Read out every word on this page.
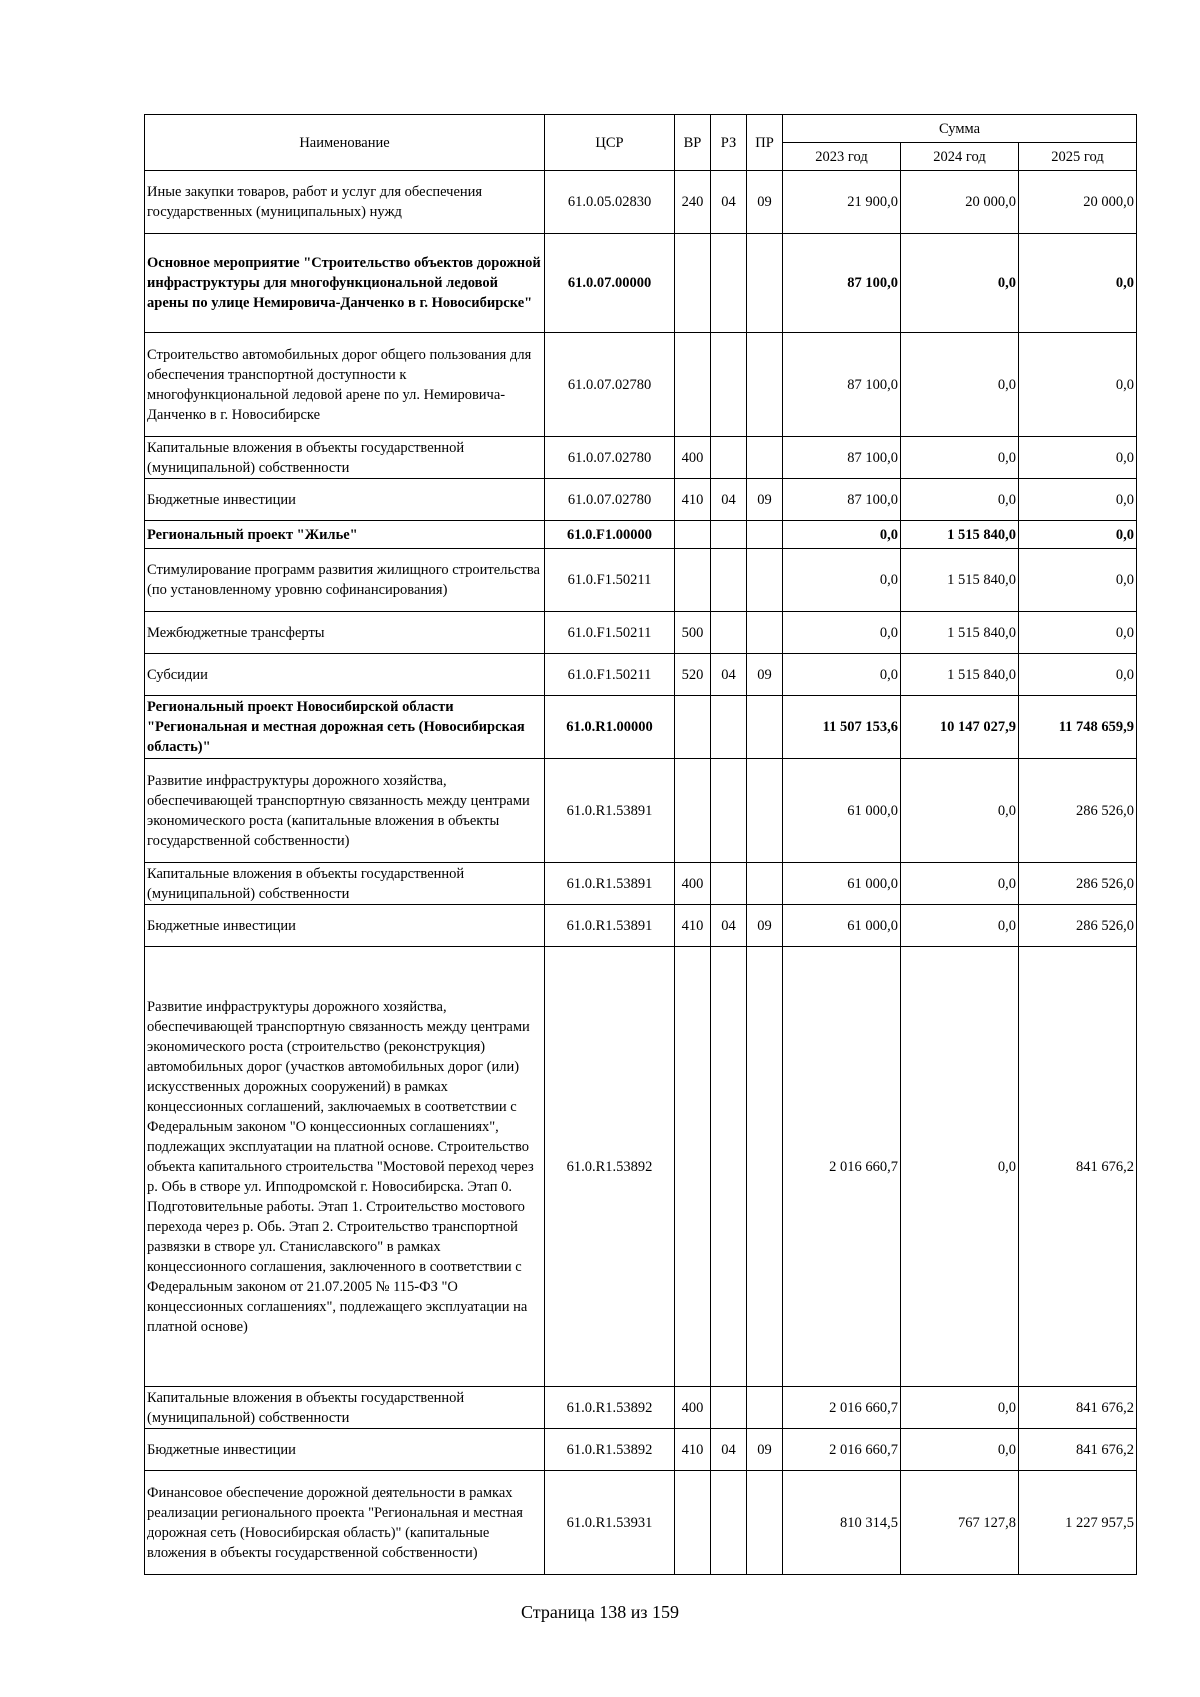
Наименование	ЦСР	ВР	РЗ	ПР	Сумма		
					2023 год	2024 год	2025 год
Иные закупки товаров, работ и услуг для обеспечения государственных (муниципальных) нужд	61.0.05.02830	240	04	09	21 900,0	20 000,0	20 000,0
Основное мероприятие "Строительство объектов дорожной инфраструктуры для многофункциональной ледовой арены по улице Немировича-Данченко в г. Новосибирске"	61.0.07.00000				87 100,0	0,0	0,0
Строительство автомобильных дорог общего пользования для обеспечения транспортной доступности к многофункциональной ледовой арене по ул. Немировича-Данченко в г. Новосибирске	61.0.07.02780				87 100,0	0,0	0,0
Капитальные вложения в объекты государственной (муниципальной) собственности	61.0.07.02780	400			87 100,0	0,0	0,0
Бюджетные инвестиции	61.0.07.02780	410	04	09	87 100,0	0,0	0,0
Региональный проект "Жилье"	61.0.F1.00000				0,0	1 515 840,0	0,0
Стимулирование программ развития жилищного строительства (по установленному уровню софинансирования)	61.0.F1.50211				0,0	1 515 840,0	0,0
Межбюджетные трансферты	61.0.F1.50211	500			0,0	1 515 840,0	0,0
Субсидии	61.0.F1.50211	520	04	09	0,0	1 515 840,0	0,0
Региональный проект Новосибирской области "Региональная и местная дорожная сеть (Новосибирская область)"	61.0.R1.00000				11 507 153,6	10 147 027,9	11 748 659,9
Развитие инфраструктуры дорожного хозяйства, обеспечивающей транспортную связанность между центрами экономического роста (капитальные вложения в объекты государственной собственности)	61.0.R1.53891				61 000,0	0,0	286 526,0
Капитальные вложения в объекты государственной (муниципальной) собственности	61.0.R1.53891	400			61 000,0	0,0	286 526,0
Бюджетные инвестиции	61.0.R1.53891	410	04	09	61 000,0	0,0	286 526,0
Развитие инфраструктуры дорожного хозяйства, обеспечивающей транспортную связанность между центрами экономического роста (строительство (реконструкция) автомобильных дорог (участков автомобильных дорог (или) искусственных дорожных сооружений) в рамках концессионных соглашений, заключаемых в соответствии с Федеральным законом "О концессионных соглашениях", подлежащих эксплуатации на платной основе. Строительство объекта капитального строительства "Мостовой переход через р. Обь в створе ул. Ипподромской г. Новосибирска. Этап 0. Подготовительные работы. Этап 1. Строительство мостового перехода через р. Обь. Этап 2. Строительство транспортной развязки в створе ул. Станиславского" в рамках концессионного соглашения, заключенного в соответствии с Федеральным законом от 21.07.2005 № 115-ФЗ "О концессионных соглашениях", подлежащего эксплуатации на платной основе)	61.0.R1.53892				2 016 660,7	0,0	841 676,2
Капитальные вложения в объекты государственной (муниципальной) собственности	61.0.R1.53892	400			2 016 660,7	0,0	841 676,2
Бюджетные инвестиции	61.0.R1.53892	410	04	09	2 016 660,7	0,0	841 676,2
Финансовое обеспечение дорожной деятельности в рамках реализации регионального проекта "Региональная и местная дорожная сеть (Новосибирская область)" (капитальные вложения в объекты государственной собственности)	61.0.R1.53931				810 314,5	767 127,8	1 227 957,5
Страница 138 из 159
